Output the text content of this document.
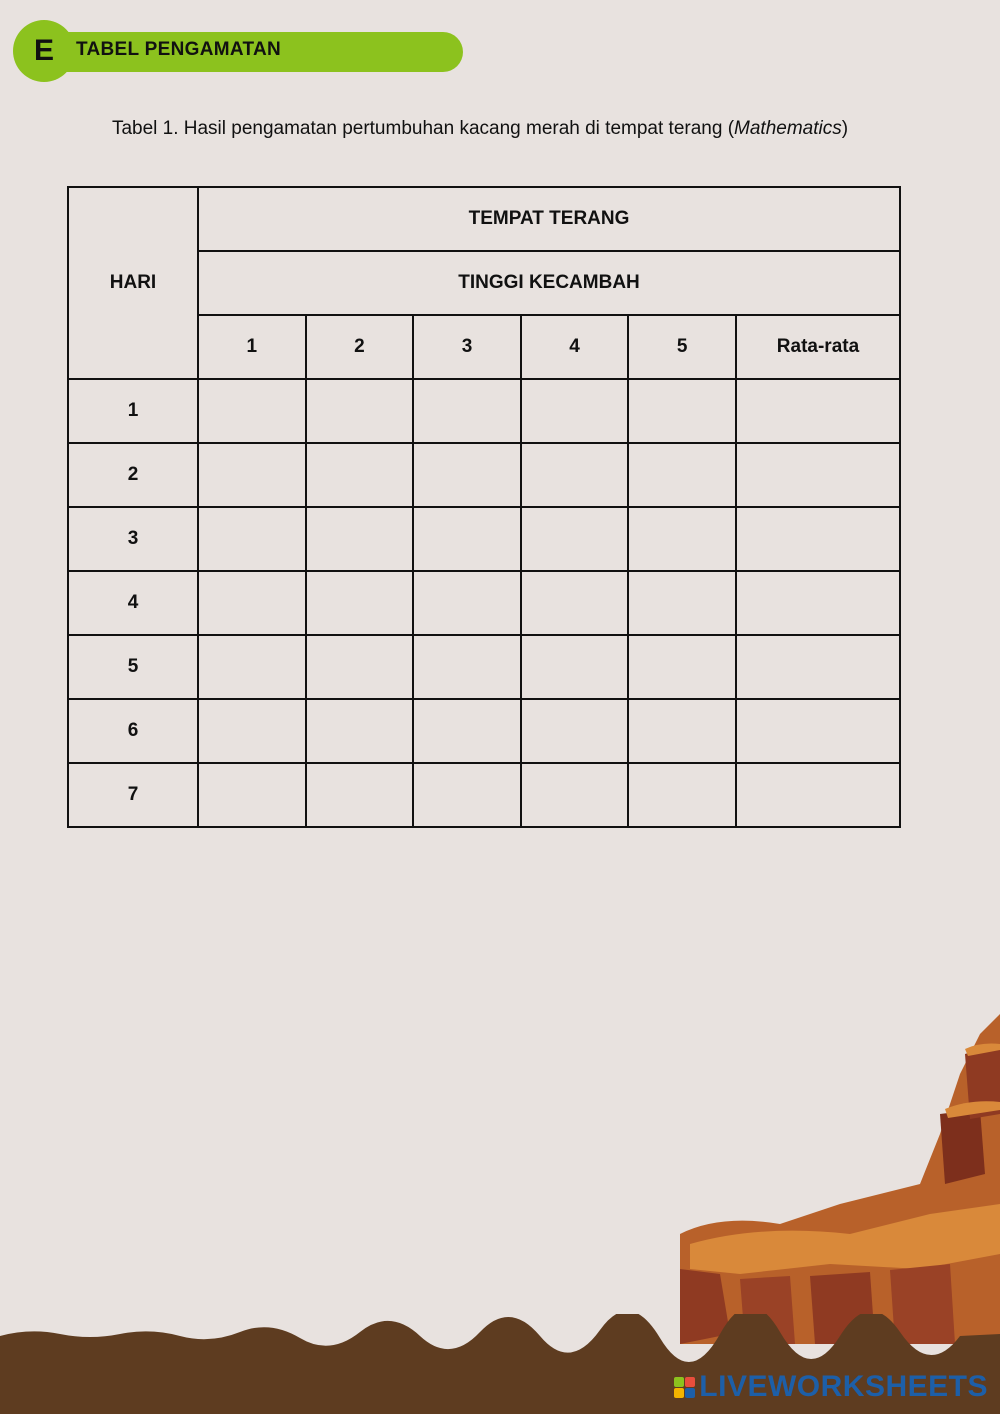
E	TABEL PENGAMATAN
Tabel 1. Hasil pengamatan pertumbuhan kacang merah di tempat terang (Mathematics)
HARI	TEMPAT TERANG					
	TINGGI KECAMBAH					
	1	2	3	4	5	Rata-rata
1						
2						
3						
4						
5						
6						
7						
LIVEWORKSHEETS
